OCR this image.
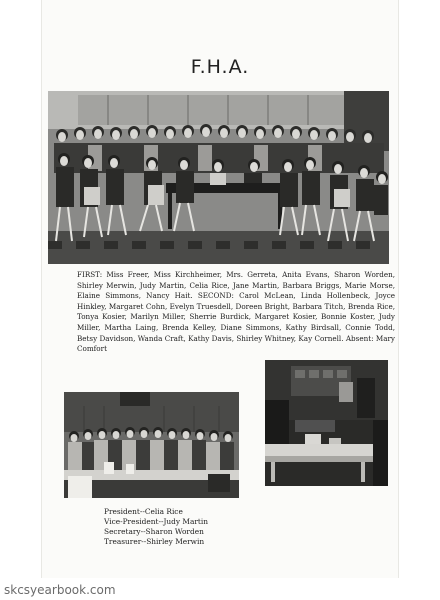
F.H.A.
FIRST: Miss Freer, Miss Kirchheimer, Mrs. Gerreta, Anita Evans, Sharon Worden, Shirley Merwin, Judy Martin, Celia Rice, Jane Martin, Barbara Briggs, Marie Morse, Elaine Simmons, Nancy Hait. SECOND: Carol McLean, Linda Hollenbeck, Joyce Hinkley, Margaret Cohn, Evelyn Truesdell, Doreen Bright, Barbara Titch, Brenda Rice, Tonya Kosier, Marilyn Miller, Sherrie Burdick, Margaret Kosier, Bonnie Koster, Judy Miller, Martha Laing, Brenda Kelley, Diane Simmons, Kathy Birdsall, Connie Todd, Betsy Davidson, Wanda Craft, Kathy Davis, Shirley Whitney, Kay Cornell. Absent: Mary Comfort
President--Celia Rice
Vice-President--Judy Martin
Secretary--Sharon Worden
Treasurer--Shirley Merwin
skcsyearbook.com
